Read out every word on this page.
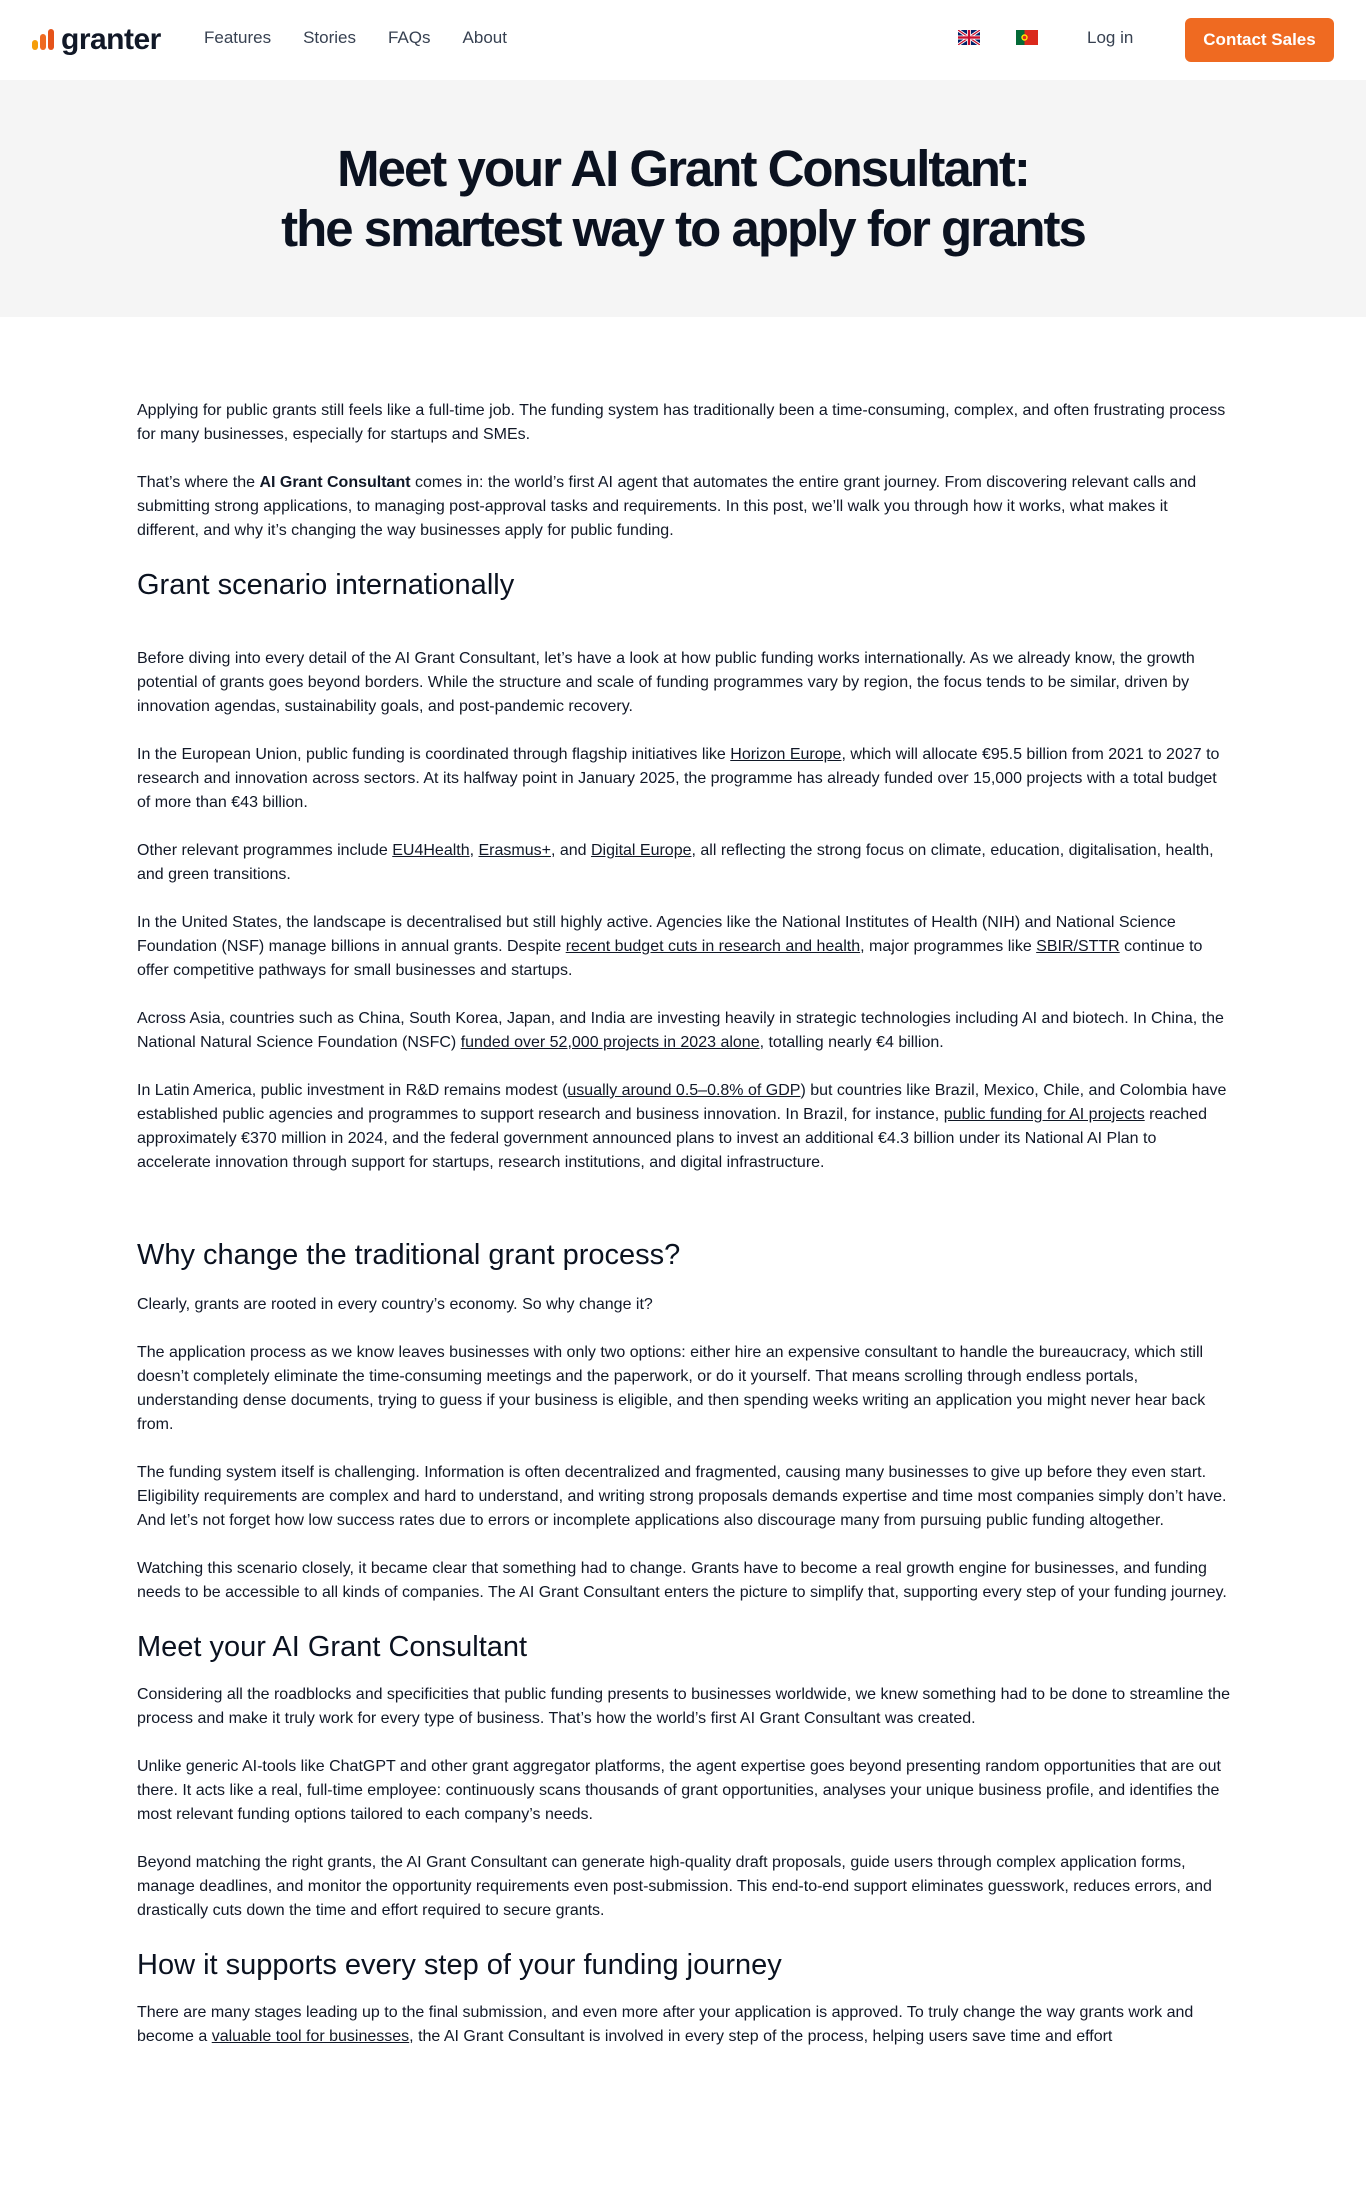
granter	Features Stories FAQs About	Log in	Contact Sales
Meet your AI Grant Consultant:
the smartest way to apply for grants

Applying for public grants still feels like a full-time job. The funding system has traditionally been a time-consuming, complex, and often frustrating process for many businesses, especially for startups and SMEs.

That’s where the AI Grant Consultant comes in: the world’s first AI agent that automates the entire grant journey. From discovering relevant calls and submitting strong applications, to managing post-approval tasks and requirements. In this post, we’ll walk you through how it works, what makes it different, and why it’s changing the way businesses apply for public funding.

Grant scenario internationally

Before diving into every detail of the AI Grant Consultant, let’s have a look at how public funding works internationally. As we already know, the growth potential of grants goes beyond borders. While the structure and scale of funding programmes vary by region, the focus tends to be similar, driven by innovation agendas, sustainability goals, and post-pandemic recovery.

In the European Union, public funding is coordinated through flagship initiatives like Horizon Europe, which will allocate €95.5 billion from 2021 to 2027 to research and innovation across sectors. At its halfway point in January 2025, the programme has already funded over 15,000 projects with a total budget of more than €43 billion.

Other relevant programmes include EU4Health, Erasmus+, and Digital Europe, all reflecting the strong focus on climate, education, digitalisation, health, and green transitions.

In the United States, the landscape is decentralised but still highly active. Agencies like the National Institutes of Health (NIH) and National Science Foundation (NSF) manage billions in annual grants. Despite recent budget cuts in research and health, major programmes like SBIR/STTR continue to offer competitive pathways for small businesses and startups.

Across Asia, countries such as China, South Korea, Japan, and India are investing heavily in strategic technologies including AI and biotech. In China, the National Natural Science Foundation (NSFC) funded over 52,000 projects in 2023 alone, totalling nearly €4 billion.

In Latin America, public investment in R&D remains modest (usually around 0.5–0.8% of GDP) but countries like Brazil, Mexico, Chile, and Colombia have established public agencies and programmes to support research and business innovation. In Brazil, for instance, public funding for AI projects reached approximately €370 million in 2024, and the federal government announced plans to invest an additional €4.3 billion under its National AI Plan to accelerate innovation through support for startups, research institutions, and digital infrastructure.

Why change the traditional grant process?

Clearly, grants are rooted in every country’s economy. So why change it?

The application process as we know leaves businesses with only two options: either hire an expensive consultant to handle the bureaucracy, which still doesn’t completely eliminate the time-consuming meetings and the paperwork, or do it yourself. That means scrolling through endless portals, understanding dense documents, trying to guess if your business is eligible, and then spending weeks writing an application you might never hear back from.

The funding system itself is challenging. Information is often decentralized and fragmented, causing many businesses to give up before they even start. Eligibility requirements are complex and hard to understand, and writing strong proposals demands expertise and time most companies simply don’t have. And let’s not forget how low success rates due to errors or incomplete applications also discourage many from pursuing public funding altogether.

Watching this scenario closely, it became clear that something had to change. Grants have to become a real growth engine for businesses, and funding needs to be accessible to all kinds of companies. The AI Grant Consultant enters the picture to simplify that, supporting every step of your funding journey.

Meet your AI Grant Consultant

Considering all the roadblocks and specificities that public funding presents to businesses worldwide, we knew something had to be done to streamline the process and make it truly work for every type of business. That’s how the world’s first AI Grant Consultant was created.

Unlike generic AI-tools like ChatGPT and other grant aggregator platforms, the agent expertise goes beyond presenting random opportunities that are out there. It acts like a real, full-time employee: continuously scans thousands of grant opportunities, analyses your unique business profile, and identifies the most relevant funding options tailored to each company’s needs.

Beyond matching the right grants, the AI Grant Consultant can generate high-quality draft proposals, guide users through complex application forms, manage deadlines, and monitor the opportunity requirements even post-submission. This end-to-end support eliminates guesswork, reduces errors, and drastically cuts down the time and effort required to secure grants.

How it supports every step of your funding journey

There are many stages leading up to the final submission, and even more after your application is approved. To truly change the way grants work and become a valuable tool for businesses, the AI Grant Consultant is involved in every step of the process, helping users save time and effort
